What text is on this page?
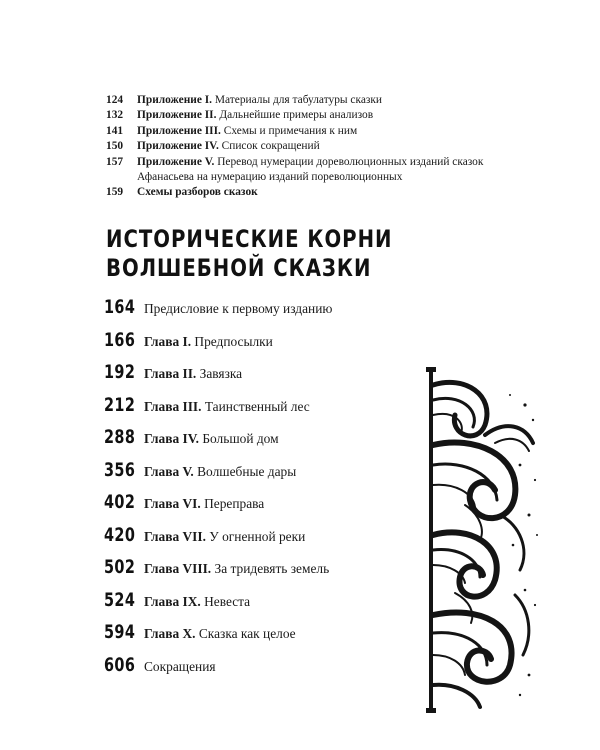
124	Приложение I. Материалы для табулатуры сказки
132	Приложение II. Дальнейшие примеры анализов
141	Приложение III. Схемы и примечания к ним
150	Приложение IV. Список сокращений
157	Приложение V. Перевод нумерации дореволюционных изданий сказок Афанасьева на нумерацию изданий пореволюционных
159	Схемы разборов сказок
ИСТОРИЧЕСКИЕ КОРНИ
ВОЛШЕБНОЙ СКАЗКИ
164 Предисловие к первому изданию
166 Глава I. Предпосылки
192 Глава II. Завязка
212 Глава III. Таинственный лес
288 Глава IV. Большой дом
356 Глава V. Волшебные дары
402 Глава VI. Переправа
420 Глава VII. У огненной реки
502 Глава VIII. За тридевять земель
524 Глава IX. Невеста
594 Глава X. Сказка как целое
606 Сокращения
